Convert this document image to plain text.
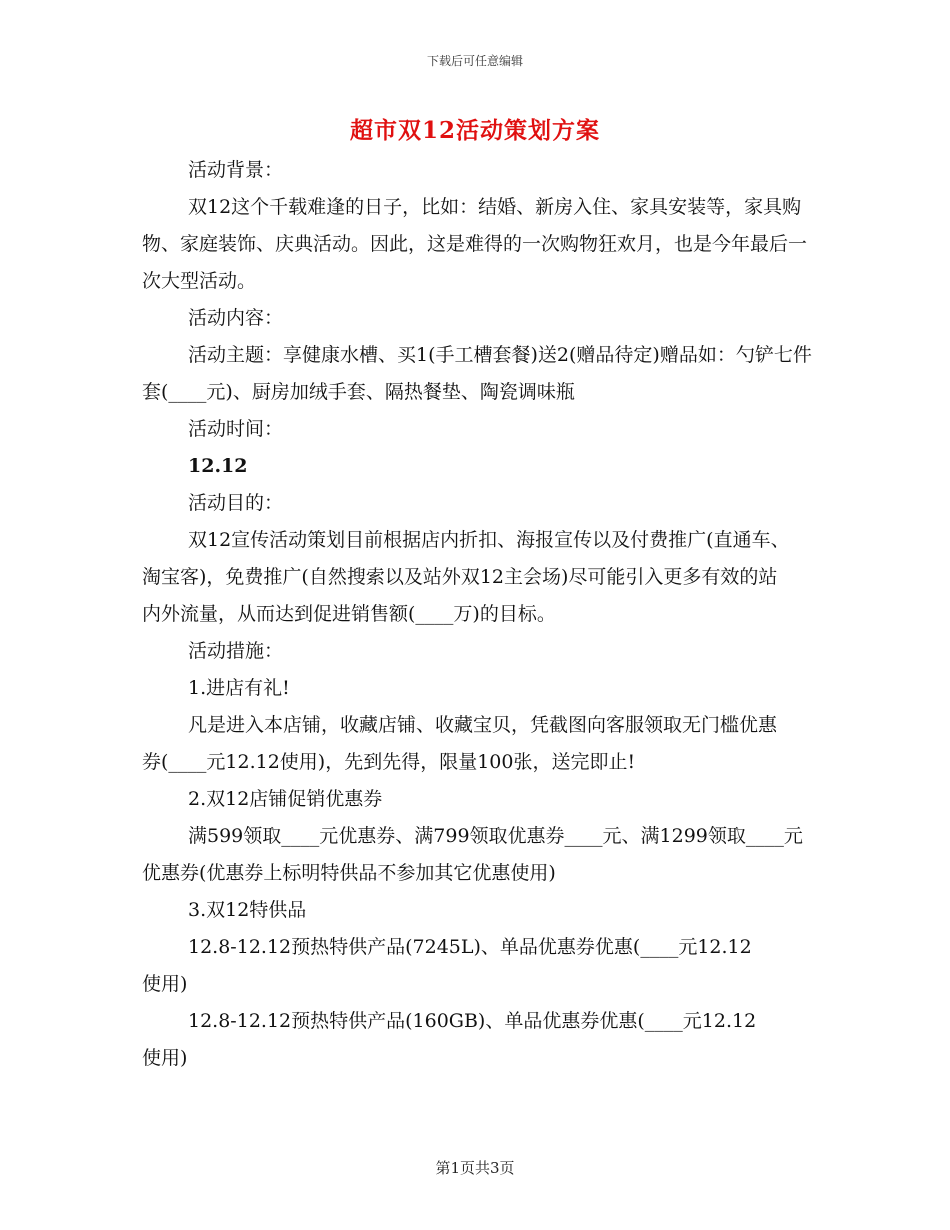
下载后可任意编辑
超市双12活动策划方案

活动背景：

双12这个千载难逢的日子，比如：结婚、新房入住、家具安装等，家具购物、家庭装饰、庆典活动。因此，这是难得的一次购物狂欢月，也是今年最后一次大型活动。

活动内容：

活动主题：享健康水槽、买1(手工槽套餐)送2(赠品待定)赠品如：勺铲七件套(____元)、厨房加绒手套、隔热餐垫、陶瓷调味瓶

活动时间：

12.12

活动目的：

双12宣传活动策划目前根据店内折扣、海报宣传以及付费推广(直通车、淘宝客)，免费推广(自然搜索以及站外双12主会场)尽可能引入更多有效的站内外流量，从而达到促进销售额(____万)的目标。

活动措施：

1.进店有礼!

凡是进入本店铺，收藏店铺、收藏宝贝，凭截图向客服领取无门槛优惠券(____元12.12使用)，先到先得，限量100张，送完即止!

2.双12店铺促销优惠券

满599领取____元优惠券、满799领取优惠券____元、满1299领取____元优惠券(优惠券上标明特供品不参加其它优惠使用)

3.双12特供品

12.8-12.12预热特供产品(7245L)、单品优惠券优惠(____元12.12使用)

12.8-12.12预热特供产品(160GB)、单品优惠券优惠(____元12.12使用)

第1页共3页
